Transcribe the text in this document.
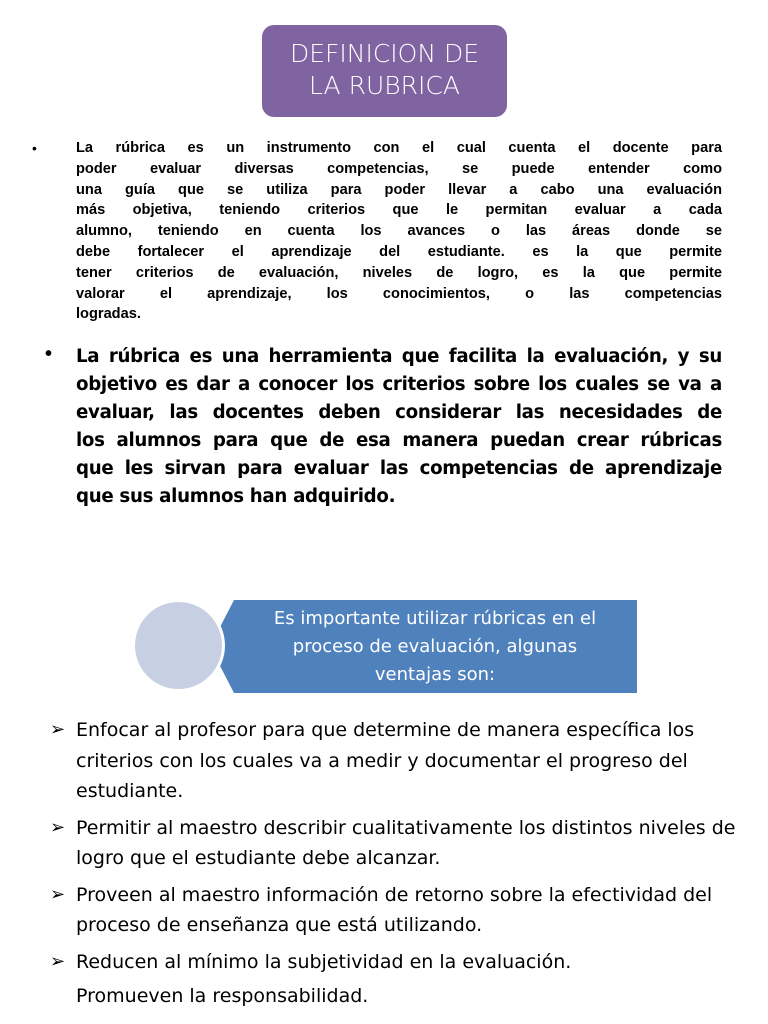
DEFINICION DE
LA RUBRICA
•	La rúbrica es un instrumento con el cual cuenta el docente para
poder evaluar diversas competencias, se puede entender como
una guía que se utiliza para poder llevar a cabo una evaluación
más objetiva, teniendo criterios que le permitan evaluar a cada
alumno, teniendo en cuenta los avances o las áreas donde se
debe fortalecer el aprendizaje del estudiante. es la que permite
tener criterios de evaluación, niveles de logro, es la que permite
valorar el aprendizaje, los conocimientos, o las competencias
logradas.
• La rúbrica es una herramienta que facilita la evaluación, y su
objetivo es dar a conocer los criterios sobre los cuales se va a
evaluar, las docentes deben considerar las necesidades de
los alumnos para que de esa manera puedan crear rúbricas
que les sirvan para evaluar las competencias de aprendizaje
que sus alumnos han adquirido.
Es importante utilizar rúbricas en el
proceso de evaluación, algunas
ventajas son:
➢ Enfocar al profesor para que determine de manera específica los criterios con los cuales va a medir y documentar el progreso del estudiante.
➢ Permitir al maestro describir cualitativamente los distintos niveles de logro que el estudiante debe alcanzar.
➢ Proveen al maestro información de retorno sobre la efectividad del proceso de enseñanza que está utilizando.
➢ Reducen al mínimo la subjetividad en la evaluación.
Promueven la responsabilidad.
